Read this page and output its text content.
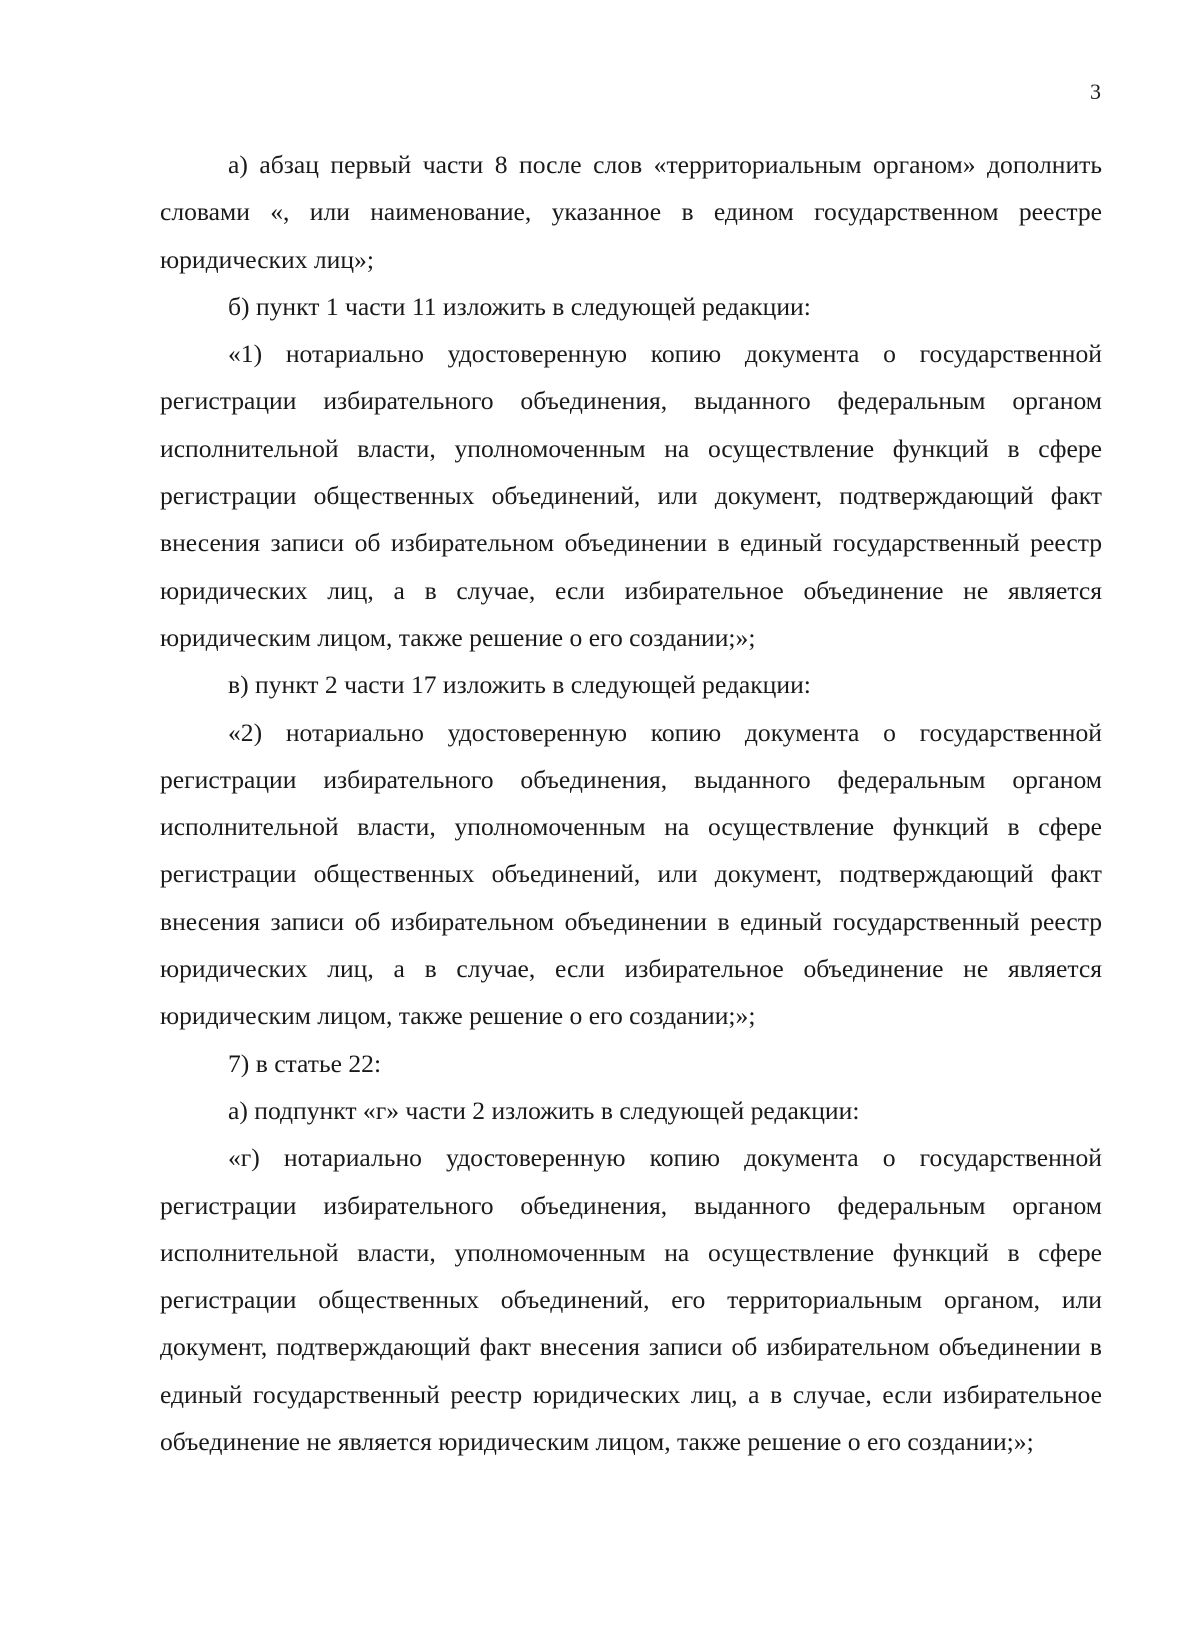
3

а) абзац первый части 8 после слов «территориальным органом» дополнить словами «, или наименование, указанное в едином государственном реестре юридических лиц»;

б) пункт 1 части 11 изложить в следующей редакции:

«1) нотариально удостоверенную копию документа о государственной регистрации избирательного объединения, выданного федеральным органом исполнительной власти, уполномоченным на осуществление функций в сфере регистрации общественных объединений, или документ, подтверждающий факт внесения записи об избирательном объединении в единый государственный реестр юридических лиц, а в случае, если избирательное объединение не является юридическим лицом, также решение о его создании;»;

в) пункт 2 части 17 изложить в следующей редакции:

«2) нотариально удостоверенную копию документа о государственной регистрации избирательного объединения, выданного федеральным органом исполнительной власти, уполномоченным на осуществление функций в сфере регистрации общественных объединений, или документ, подтверждающий факт внесения записи об избирательном объединении в единый государственный реестр юридических лиц, а в случае, если избирательное объединение не является юридическим лицом, также решение о его создании;»;

7) в статье 22:

а) подпункт «г» части 2 изложить в следующей редакции:

«г) нотариально удостоверенную копию документа о государственной регистрации избирательного объединения, выданного федеральным органом исполнительной власти, уполномоченным на осуществление функций в сфере регистрации общественных объединений, его территориальным органом, или документ, подтверждающий факт внесения записи об избирательном объединении в единый государственный реестр юридических лиц, а в случае, если избирательное объединение не является юридическим лицом, также решение о его создании;»;
